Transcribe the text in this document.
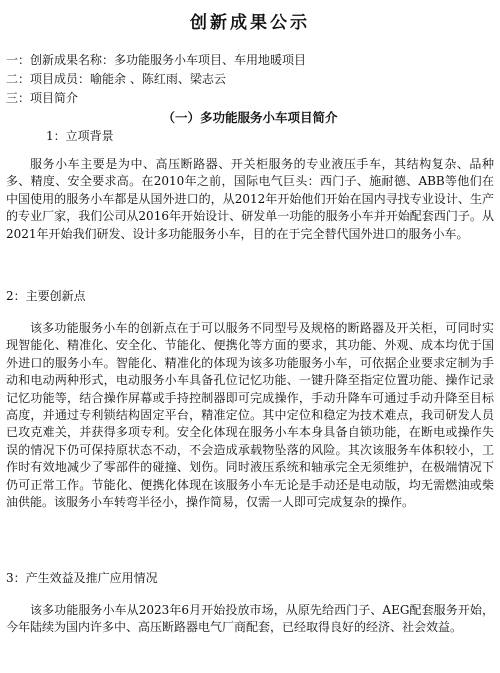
创新成果公示
一：创新成果名称：多功能服务小车项目、车用地暖项目
二：项目成员：喻能余 、陈红雨、梁志云
三：项目简介
（一）多功能服务小车项目简介
1：立项背景

服务小车主要是为中、高压断路器、开关柜服务的专业液压手车，其结构复杂、品种多、精度、安全要求高。在2010年之前，国际电气巨头：西门子、施耐德、ABB等他们在中国使用的服务小车都是从国外进口的，从2012年开始他们开始在国内寻找专业设计、生产的专业厂家，我们公司从2016年开始设计、研发单一功能的服务小车并开始配套西门子。从2021年开始我们研发、设计多功能服务小车，目的在于完全替代国外进口的服务小车。

2：主要创新点

该多功能服务小车的创新点在于可以服务不同型号及规格的断路器及开关柜，可同时实现智能化、精准化、安全化、节能化、便携化等方面的要求，其功能、外观、成本均优于国外进口的服务小车。智能化、精准化的体现为该多功能服务小车，可依据企业要求定制为手动和电动两种形式，电动服务小车具备孔位记忆功能、一键升降至指定位置功能、操作记录记忆功能等，结合操作屏幕或手持控制器即可完成操作，手动升降车可通过手动升降至目标高度，并通过专利锁结构固定平台，精准定位。其中定位和稳定为技术难点，我司研发人员已攻克难关，并获得多项专利。安全化体现在服务小车本身具备自锁功能，在断电或操作失误的情况下仍可保持原状态不动，不会造成承载物坠落的风险。其次该服务车体积较小，工作时有效地减少了零部件的碰撞、划伤。同时液压系统和轴承完全无须维护，在极端情况下仍可正常工作。节能化、便携化体现在该服务小车无论是手动还是电动版，均无需燃油或柴油供能。该服务小车转弯半径小，操作简易，仅需一人即可完成复杂的操作。

3：产生效益及推广应用情况

该多功能服务小车从2023年6月开始投放市场，从原先给西门子、AEG配套服务开始，今年陆续为国内许多中、高压断路器电气厂商配套，已经取得良好的经济、社会效益。
